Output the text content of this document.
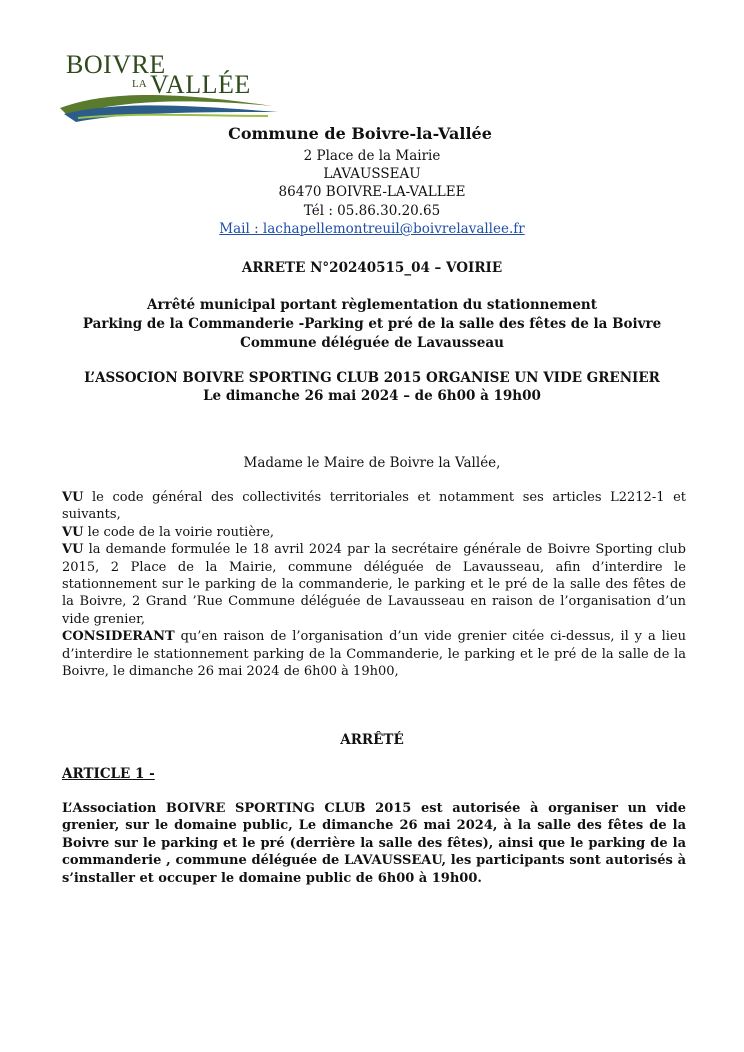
BOIVRE
LA VALLÉE
Commune de Boivre-la-Vallée
2 Place de la Mairie
LAVAUSSEAU
86470 BOIVRE-LA-VALLEE
Tél : 05.86.30.20.65
Mail : lachapellemontreuil@boivrelavallee.fr
ARRETE N°20240515_04 – VOIRIE
Arrêté municipal portant règlementation du stationnement
Parking de la Commanderie -Parking et pré de la salle des fêtes de la Boivre
Commune déléguée de Lavausseau
L’ASSOCION BOIVRE SPORTING CLUB 2015 ORGANISE UN VIDE GRENIER
Le dimanche 26 mai 2024 – de 6h00 à 19h00
Madame le Maire de Boivre la Vallée,

VU le code général des collectivités territoriales et notamment ses articles L2212-1 et suivants,

VU le code de la voirie routière,

VU la demande formulée le 18 avril 2024 par la secrétaire générale de Boivre Sporting club 2015, 2 Place de la Mairie, commune déléguée de Lavausseau, afin d’interdire le stationnement sur le parking de la commanderie, le parking et le pré de la salle des fêtes de la Boivre, 2 Grand ’Rue Commune déléguée de Lavausseau en raison de l’organisation d’un vide grenier,

CONSIDERANT qu’en raison de l’organisation d’un vide grenier citée ci-dessus, il y a lieu d’interdire le stationnement parking de la Commanderie, le parking et le pré de la salle de la Boivre, le dimanche 26 mai 2024 de 6h00 à 19h00,

ARRÊTÉ
ARTICLE 1 -
L’Association BOIVRE SPORTING CLUB 2015 est autorisée à organiser un vide grenier, sur le domaine public, Le dimanche 26 mai 2024, à la salle des fêtes de la Boivre sur le parking et le pré (derrière la salle des fêtes), ainsi que le parking de la commanderie , commune déléguée de LAVAUSSEAU, les participants sont autorisés à s’installer et occuper le domaine public de 6h00 à 19h00.
